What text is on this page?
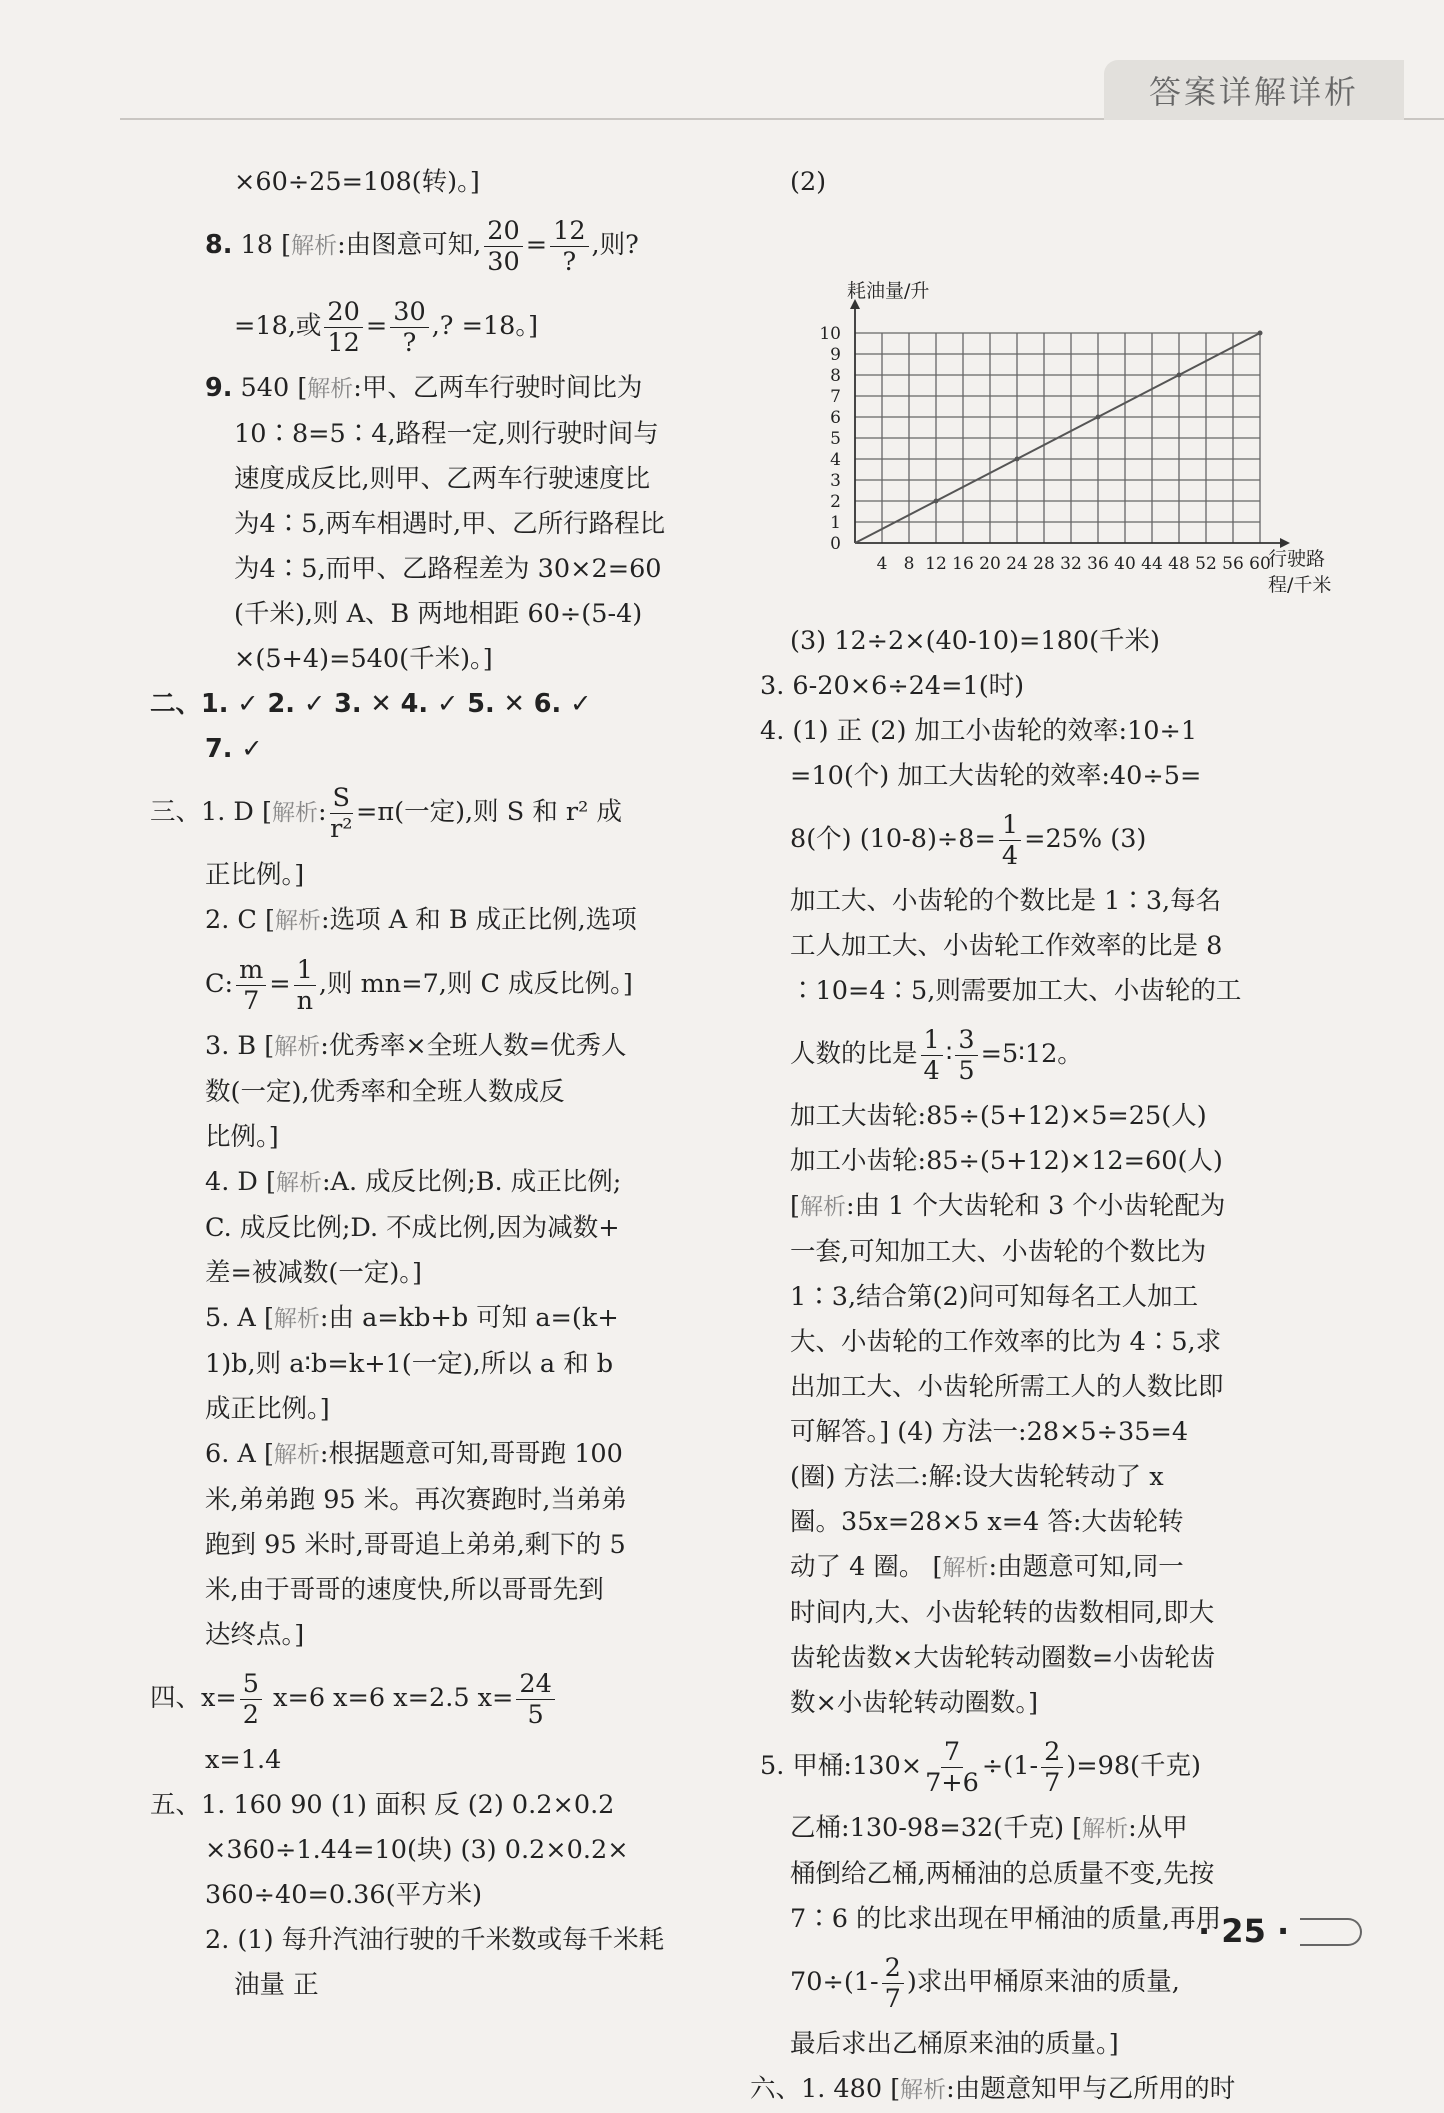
答案详解详析
×60÷25=108(转)。]
8. 18 [解析:由图意可知, $\frac{20}{30} = 12$
?
,则?
=18,或 $\frac{20}{12} = 30$
?
,? =18。]
9. 540 [解析:甲、乙两车行驶时间比为
10∶8=5∶4,路程一定,则行驶时间与
速度成反比,则甲、乙两车行驶速度比
为4∶5,两车相遇时,甲、乙所行路程比
为4∶5,而甲、乙路程差为 30×2=60
(千米),则 A、B 两地相距 60÷(5-4)
×(5+4)=540(千米)。]
二、1. ✓ 2. ✓ 3. ✕ 4. ✓ 5. ✕ 6. ✓
7. ✓
三、1. D [解析: $\frac{S}{\text{r²}} =\pi$(一定),则 S 和 r² 成
正比例。]
2. C [解析:选项 A 和 B 成正比例,选项
C: $\frac{m}{7} = \frac{1}{n}$ ,则 mn=7,则 C 成反比例。]
3. B [解析:优秀率×全班人数=优秀人
数(一定),优秀率和全班人数成反
比例。]
4. D [解析:A. 成反比例;B. 成正比例;
C. 成反比例;D. 不成比例,因为减数+
差=被减数(一定)。]
5. A [解析:由 a=kb+b 可知 a=(k+
1)b,则 a∶b=k+1(一定),所以 a 和 b
成正比例。]
6. A [解析:根据题意可知,哥哥跑 100
米,弟弟跑 95 米。再次赛跑时,当弟弟
跑到 95 米时,哥哥追上弟弟,剩下的 5
米,由于哥哥的速度快,所以哥哥先到
达终点。]
四、$x= \frac{5}{2} x=6$ x=6 x=2.5 $x= \frac{24}{5}$
x=1.4
五、1. 160 90 (1) 面积 反 (2) 0.2×0.2
×360÷1.44=10(块) (3) 0.2×0.2×
360÷40=0.36(平方米)
2. (1) 每升汽油行驶的千米数或每千米耗
油量 正
(2)
4 8 12 16 20 24 28 32 36 40 44 48 52 56 60
0
1
2
3
4
5
6
7
8
9
10
耗油量/升
行驶路
程/千米
(3) 12÷2×(40-10)=180(千米)
3. 6-20×6÷24=1(时)
4. (1) 正 (2) 加工小齿轮的效率:10÷1
=10(个) 加工大齿轮的效率:40÷5=
8(个) $(10-8)\div 8= \frac{1}{4} =25\%$ (3)
加工大、小齿轮的个数比是 1∶3,每名
工人加工大、小齿轮工作效率的比是 8
∶10=4∶5,则需要加工大、小齿轮的工
人数的比是 $\frac{1}{4}$ ∶ $\frac{3}{5}$ =5∶12。
加工大齿轮:85÷(5+12)×5=25(人)
加工小齿轮:85÷(5+12)×12=60(人)
[解析:由 1 个大齿轮和 3 个小齿轮配为
一套,可知加工大、小齿轮的个数比为
1∶3,结合第(2)问可知每名工人加工
大、小齿轮的工作效率的比为 4∶5,求
出加工大、小齿轮所需工人的人数比即
可解答。] (4) 方法一:28×5÷35=4
(圈) 方法二:解:设大齿轮转动了 x
圈。35x=28×5 x=4 答:大齿轮转
动了 4 圈。 [解析:由题意可知,同一
时间内,大、小齿轮转的齿数相同,即大
齿轮齿数×大齿轮转动圈数=小齿轮齿
数×小齿轮转动圈数。]
5. 甲桶:130× $\frac{7}{7+6} \div(1- \frac{2}{7} )=98$(千克)
乙桶:130-98=32(千克) [解析:从甲
桶倒给乙桶,两桶油的总质量不变,先按
7∶6 的比求出现在甲桶油的质量,再用
$70\div(1- \frac{2}{7}$ )求出甲桶原来油的质量,
最后求出乙桶原来油的质量。]
六、1. 480 [解析:由题意知甲与乙所用的时
· 25 ·
